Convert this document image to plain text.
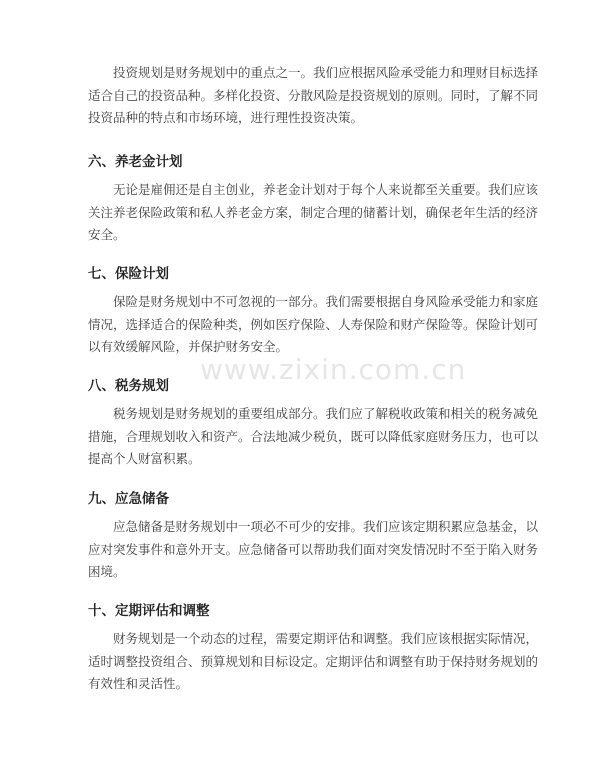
www.zixin.com.cn

投资规划是财务规划中的重点之一。我们应根据风险承受能力和理财目标选择
适合自己的投资品种。多样化投资、分散风险是投资规划的原则。同时，了解不同
投资品种的特点和市场环境，进行理性投资决策。

六、养老金计划

无论是雇佣还是自主创业，养老金计划对于每个人来说都至关重要。我们应该
关注养老保险政策和私人养老金方案，制定合理的储蓄计划，确保老年生活的经济
安全。

七、保险计划

保险是财务规划中不可忽视的一部分。我们需要根据自身风险承受能力和家庭
情况，选择适合的保险种类，例如医疗保险、人寿保险和财产保险等。保险计划可
以有效缓解风险，并保护财务安全。

八、税务规划

税务规划是财务规划的重要组成部分。我们应了解税收政策和相关的税务减免
措施，合理规划收入和资产。合法地减少税负，既可以降低家庭财务压力，也可以
提高个人财富积累。

九、应急储备

应急储备是财务规划中一项必不可少的安排。我们应该定期积累应急基金，以
应对突发事件和意外开支。应急储备可以帮助我们面对突发情况时不至于陷入财务
困境。

十、定期评估和调整

财务规划是一个动态的过程，需要定期评估和调整。我们应该根据实际情况，
适时调整投资组合、预算规划和目标设定。定期评估和调整有助于保持财务规划的
有效性和灵活性。
